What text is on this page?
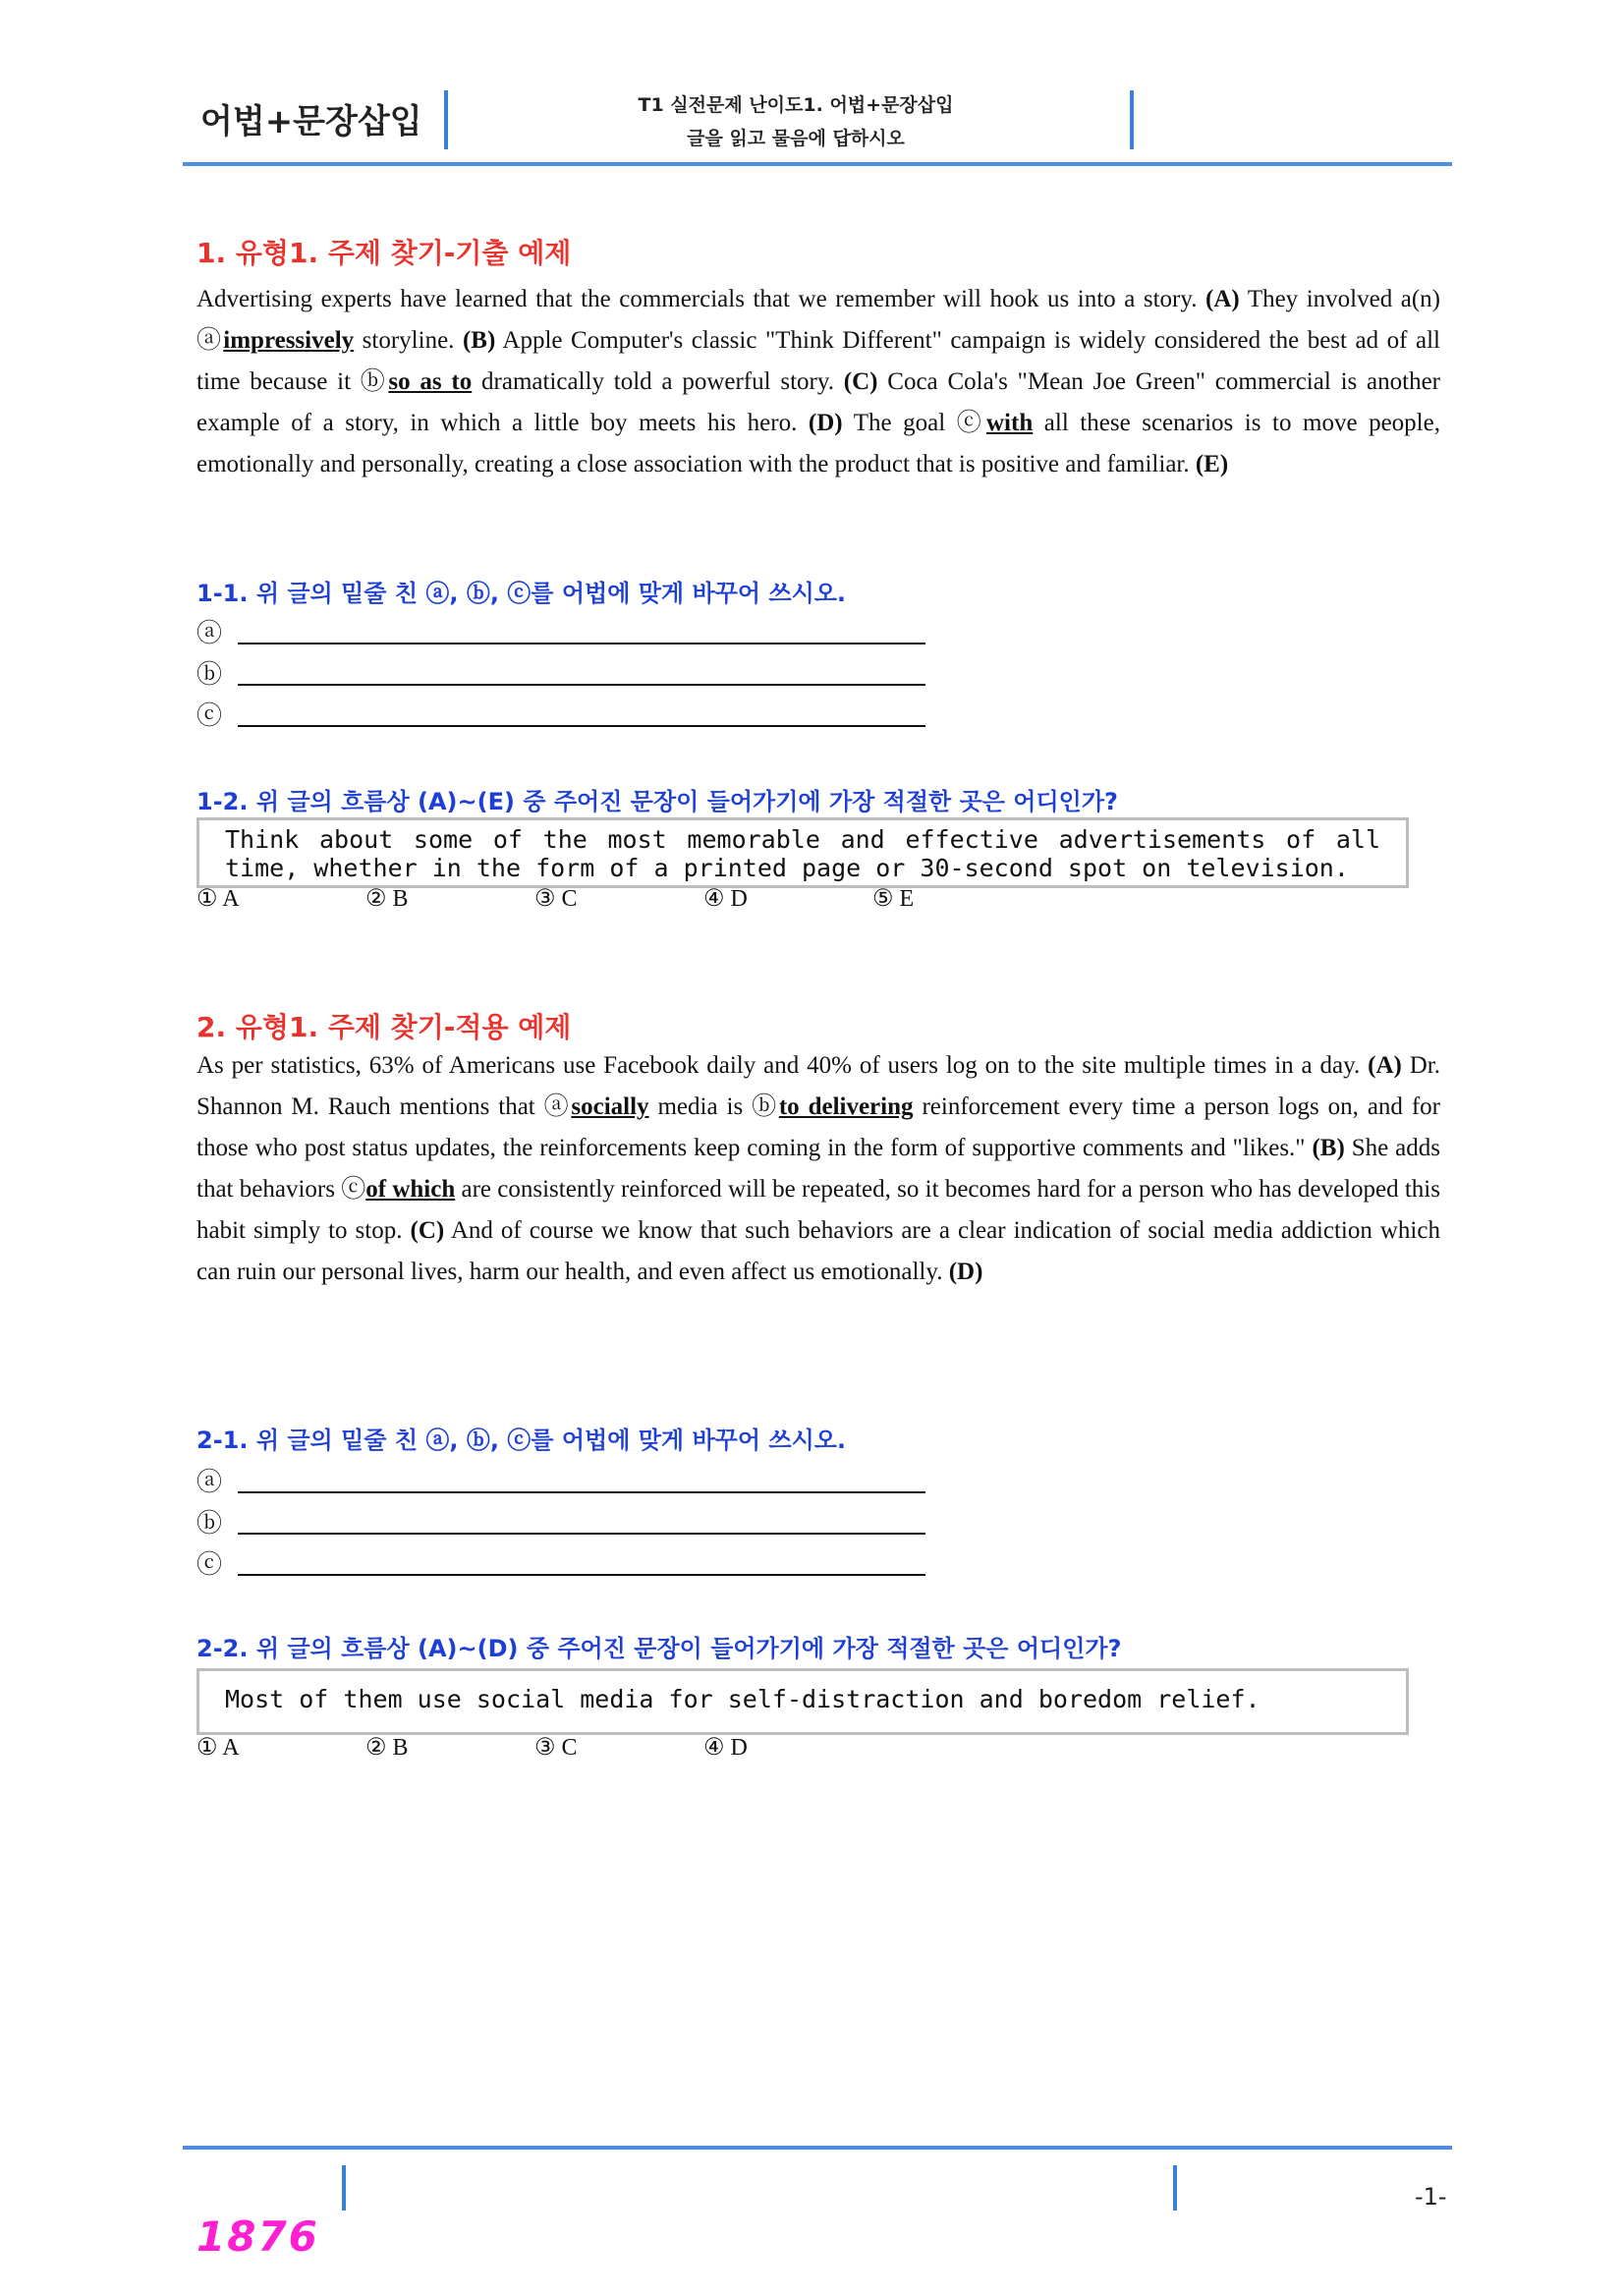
어법+문장삽입	T1 실전문제 난이도1. 어법+문장삽입
글을 읽고 물음에 답하시오
1. 유형1. 주제 찾기-기출 예제
Advertising experts have learned that the commercials that we remember will hook us into a story. (A) They involved a(n) ⓐimpressively storyline. (B) Apple Computer's classic "Think Different" campaign is widely considered the best ad of all time because it ⓑso as to dramatically told a powerful story. (C) Coca Cola's "Mean Joe Green" commercial is another example of a story, in which a little boy meets his hero. (D) The goal ⓒwith all these scenarios is to move people, emotionally and personally, creating a close association with the product that is positive and familiar. (E)
1-1. 위 글의 밑줄 친 ⓐ, ⓑ, ⓒ를 어법에 맞게 바꾸어 쓰시오.
ⓐ
ⓑ
ⓒ
1-2. 위 글의 흐름상 (A)~(E) 중 주어진 문장이 들어가기에 가장 적절한 곳은 어디인가?
Think about some of the most memorable and effective advertisements of all time, whether in the form of a printed page or 30-second spot on television.
① A	② B	③ C	④ D	⑤ E
2. 유형1. 주제 찾기-적용 예제
As per statistics, 63% of Americans use Facebook daily and 40% of users log on to the site multiple times in a day. (A) Dr. Shannon M. Rauch mentions that ⓐsocially media is ⓑto delivering reinforcement every time a person logs on, and for those who post status updates, the reinforcements keep coming in the form of supportive comments and "likes." (B) She adds that behaviors ⓒof which are consistently reinforced will be repeated, so it becomes hard for a person who has developed this habit simply to stop. (C) And of course we know that such behaviors are a clear indication of social media addiction which can ruin our personal lives, harm our health, and even affect us emotionally. (D)
2-1. 위 글의 밑줄 친 ⓐ, ⓑ, ⓒ를 어법에 맞게 바꾸어 쓰시오.
ⓐ
ⓑ
ⓒ
2-2. 위 글의 흐름상 (A)~(D) 중 주어진 문장이 들어가기에 가장 적절한 곳은 어디인가?
Most of them use social media for self-distraction and boredom relief.
① A	② B	③ C	④ D
-1-
1876
